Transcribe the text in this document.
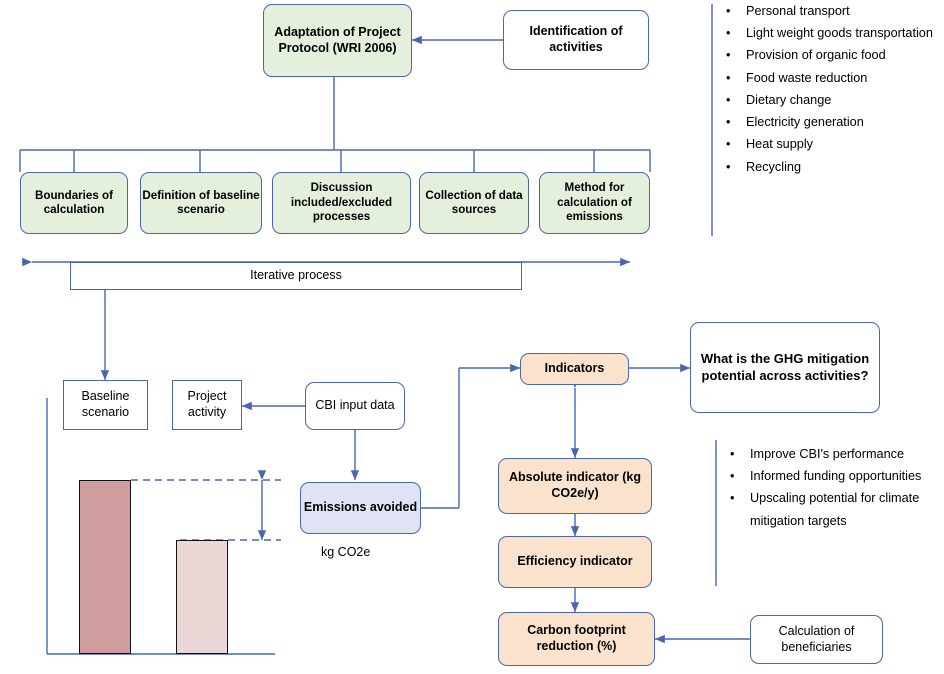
Adaptation of Project Protocol (WRI 2006)
Identification of activities
Boundaries of calculation
Definition of baseline scenario
Discussion included/excluded processes
Collection of data sources
Method for calculation of emissions
Iterative process
Baseline scenario
Project activity	CBI input data
Emissions avoided
kg CO2e
Indicators
What is the GHG mitigation potential across activities?
Absolute indicator (kg CO2e/y)
Efficiency indicator
Carbon footprint reduction (%)
Calculation of beneficiaries
• Personal transport
• Light weight goods transportation
• Provision of organic food
• Food waste reduction
• Dietary change
• Electricity generation
• Heat supply
• Recycling
• Improve CBI's performance
• Informed funding opportunities
• Upscaling potential for climate mitigation targets
